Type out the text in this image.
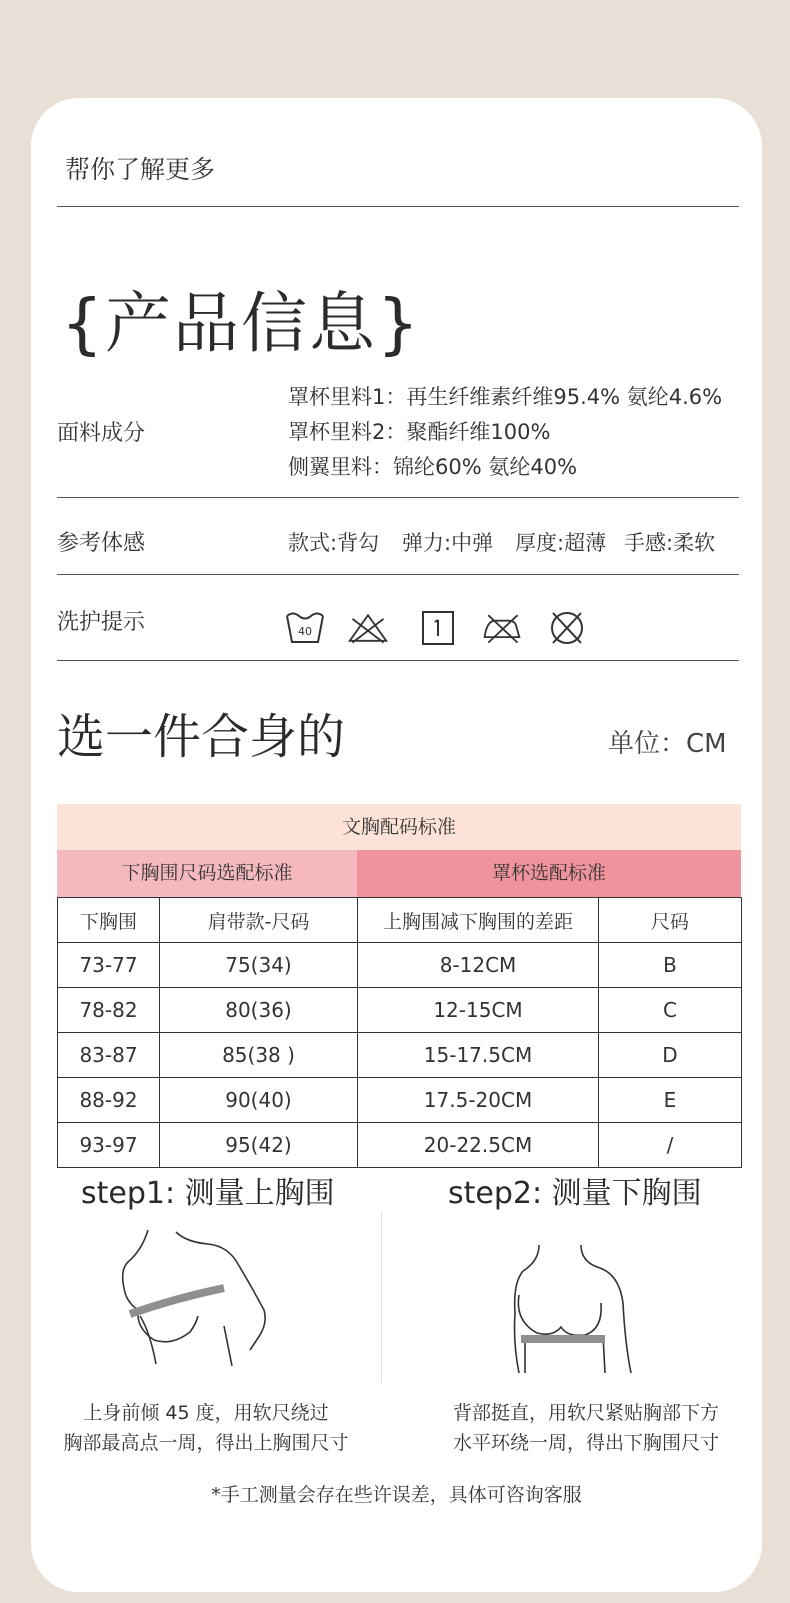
帮你了解更多
{产品信息}
面料成分
罩杯里料1：再生纤维素纤维95.4% 氨纶4.6%
罩杯里料2：聚酯纤维100%
侧翼里料：锦纶60% 氨纶40%
参考体感	款式:背勾 弹力:中弹 厚度:超薄 手感:柔软
洗护提示	40
选一件合身的	单位：CM
文胸配码标准
下胸围尺码选配标准	罩杯选配标准
下胸围	肩带款-尺码	上胸围减下胸围的差距	尺码
73-77	75(34)	8-12CM	B
78-82	80(36)	12-15CM	C
83-87	85(38 )	15-17.5CM	D
88-92	90(40)	17.5-20CM	E
93-97	95(42)	20-22.5CM	/
step1: 测量上胸围	step2: 测量下胸围
上身前倾 45 度，用软尺绕过
胸部最高点一周，得出上胸围尺寸
背部挺直，用软尺紧贴胸部下方
水平环绕一周，得出下胸围尺寸
*手工测量会存在些许误差，具体可咨询客服
